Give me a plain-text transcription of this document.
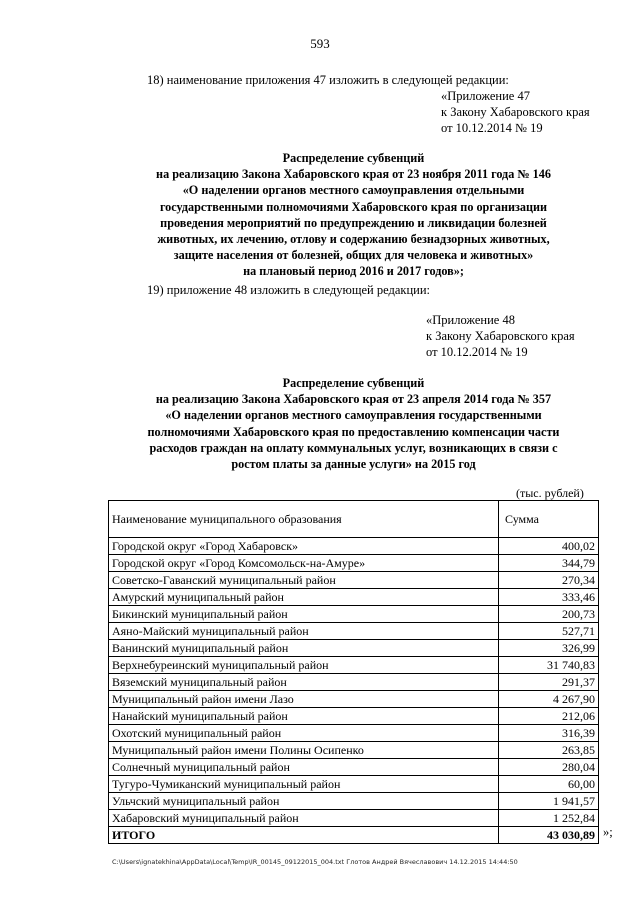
593
18) наименование приложения 47 изложить в следующей редакции:
«Приложение 47
к Закону Хабаровского края
от 10.12.2014 № 19
Распределение субвенций
на реализацию Закона Хабаровского края от 23 ноября 2011 года № 146
«О наделении органов местного самоуправления отдельными
государственными полномочиями Хабаровского края по организации
проведения мероприятий по предупреждению и ликвидации болезней
животных, их лечению, отлову и содержанию безнадзорных животных,
защите населения от болезней, общих для человека и животных»
на плановый период 2016 и 2017 годов»;
19) приложение 48 изложить в следующей редакции:
«Приложение 48
к Закону Хабаровского края
от 10.12.2014 № 19
Распределение субвенций
на реализацию Закона Хабаровского края от 23 апреля 2014 года № 357
«О наделении органов местного самоуправления государственными
полномочиями Хабаровского края по предоставлению компенсации части
расходов граждан на оплату коммунальных услуг, возникающих в связи с
ростом платы за данные услуги» на 2015 год
(тыс. рублей)
Наименование муниципального образования	Сумма
Городской округ «Город Хабаровск»	400,02
Городской округ «Город Комсомольск-на-Амуре»	344,79
Советско-Гаванский муниципальный район	270,34
Амурский муниципальный район	333,46
Бикинский муниципальный район	200,73
Аяно-Майский муниципальный район	527,71
Ванинский муниципальный район	326,99
Верхнебуреинский муниципальный район	31 740,83
Вяземский муниципальный район	291,37
Муниципальный район имени Лазо	4 267,90
Нанайский муниципальный район	212,06
Охотский муниципальный район	316,39
Муниципальный район имени Полины Осипенко	263,85
Солнечный муниципальный район	280,04
Тугуро-Чумиканский муниципальный район	60,00
Ульчский муниципальный район	1 941,57
Хабаровский муниципальный район	1 252,84
ИТОГО	43 030,89 »;
C:\Users\ignatekhina\AppData\Local\Temp\IR_00145_09122015_004.txt Глотов Андрей Вячеславович 14.12.2015 14:44:50
